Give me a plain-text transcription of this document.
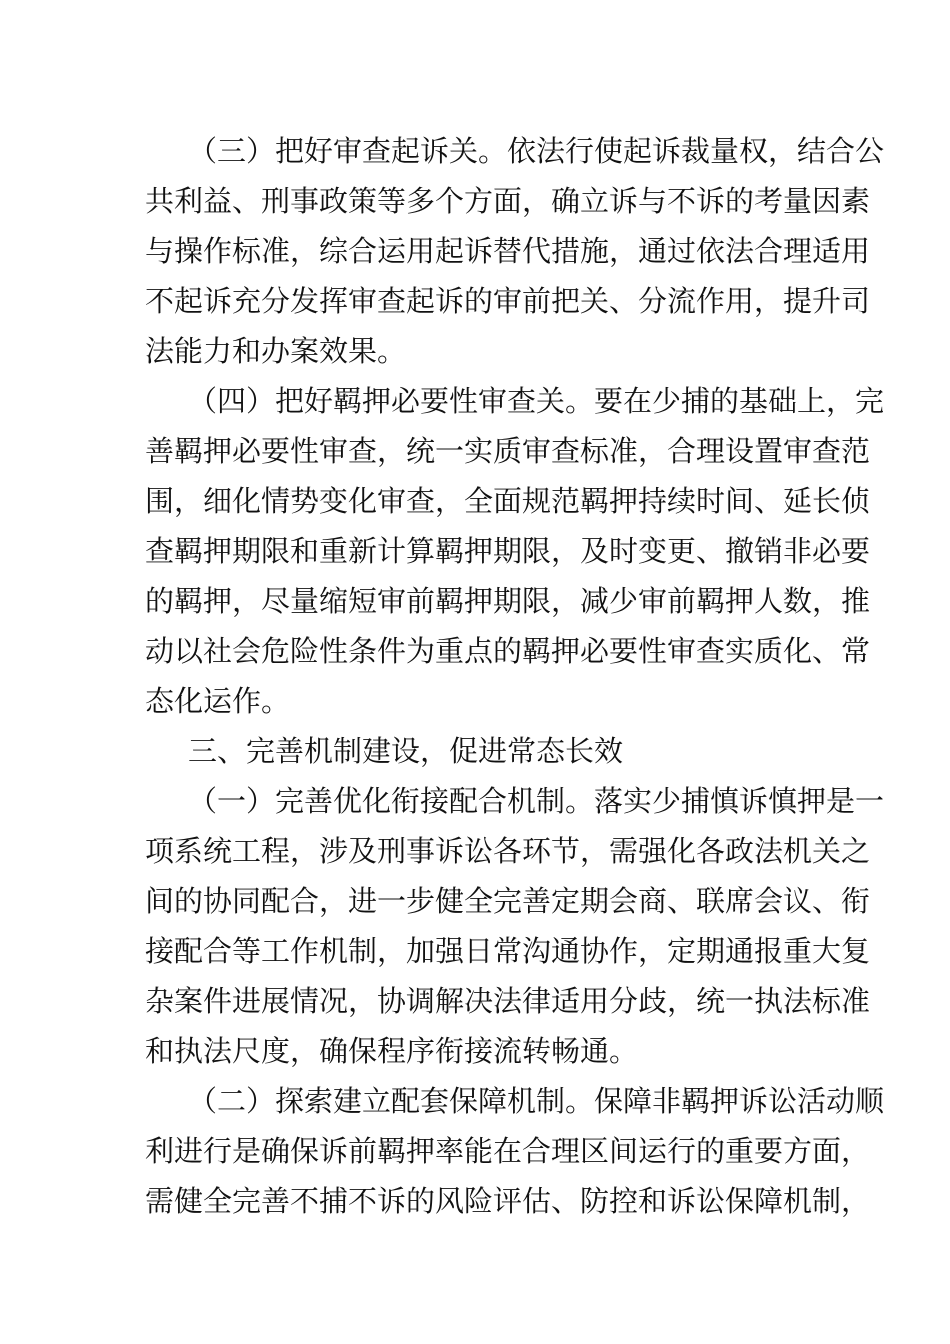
（三）把好审查起诉关。依法行使起诉裁量权，结合公
共利益、刑事政策等多个方面，确立诉与不诉的考量因素
与操作标准，综合运用起诉替代措施，通过依法合理适用
不起诉充分发挥审查起诉的审前把关、分流作用，提升司
法能力和办案效果。
（四）把好羁押必要性审查关。要在少捕的基础上，完
善羁押必要性审查，统一实质审查标准，合理设置审查范
围，细化情势变化审查，全面规范羁押持续时间、延长侦
查羁押期限和重新计算羁押期限，及时变更、撤销非必要
的羁押，尽量缩短审前羁押期限，减少审前羁押人数，推
动以社会危险性条件为重点的羁押必要性审查实质化、常
态化运作。
三、完善机制建设，促进常态长效
（一）完善优化衔接配合机制。落实少捕慎诉慎押是一
项系统工程，涉及刑事诉讼各环节，需强化各政法机关之
间的协同配合，进一步健全完善定期会商、联席会议、衔
接配合等工作机制，加强日常沟通协作，定期通报重大复
杂案件进展情况，协调解决法律适用分歧，统一执法标准
和执法尺度，确保程序衔接流转畅通。
（二）探索建立配套保障机制。保障非羁押诉讼活动顺
利进行是确保诉前羁押率能在合理区间运行的重要方面，
需健全完善不捕不诉的风险评估、防控和诉讼保障机制，
